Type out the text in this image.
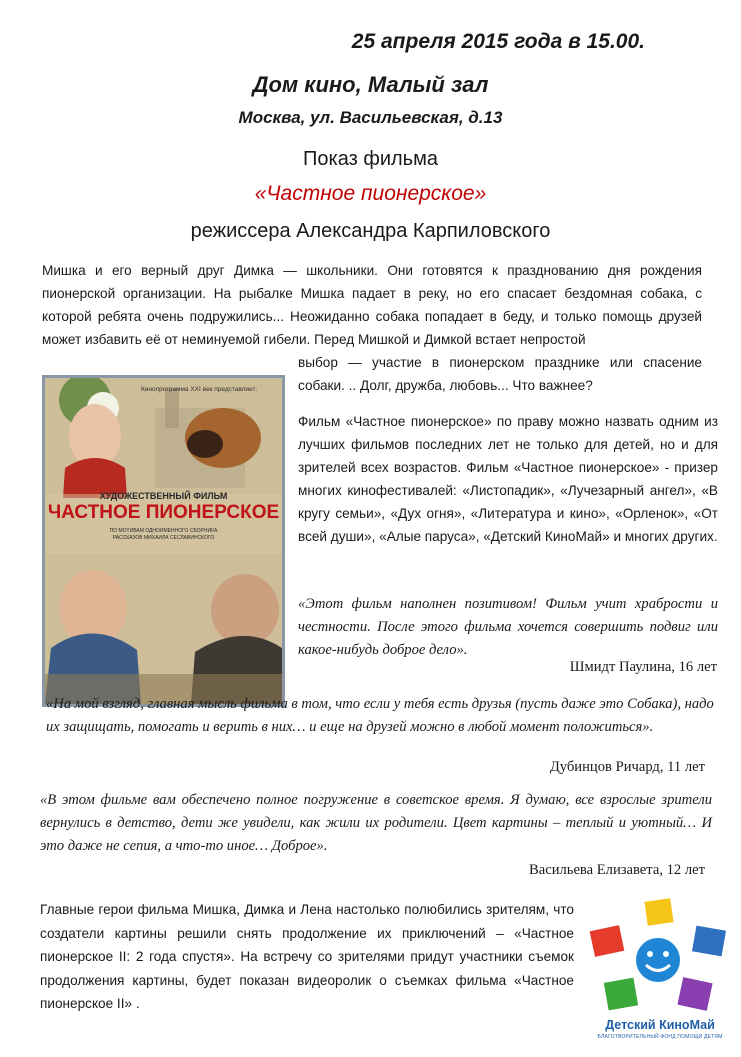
25 апреля 2015 года в 15.00.
Дом кино, Малый зал
Москва, ул. Васильевская, д.13
Показ фильма
«Частное пионерское»
режиссера Александра Карпиловского
Мишка и его верный друг Димка — школьники. Они готовятся к празднованию дня рождения пионерской организации. На рыбалке Мишка падает в реку, но его спасает бездомная собака, с которой ребята очень подружились... Неожиданно собака попадает в беду, и только помощь друзей может избавить её от неминуемой гибели. Перед Мишкой и Димкой встает непростой
выбор — участие в пионерском празднике или спасение собаки. .. Долг, дружба, любовь... Что важнее?
Кинопрограмма XXI век представляет:
ХУДОЖЕСТВЕННЫЙ ФИЛЬМ
ЧАСТНОЕ ПИОНЕРСКОЕ
ПО МОТИВАМ ОДНОИМЕННОГО СБОРНИКА РАССКАЗОВ МИХАИЛА СЕСЛАВИНСКОГО
Фильм «Частное пионерское» по праву можно назвать одним из лучших фильмов последних лет не только для детей, но и для зрителей всех возрастов. Фильм «Частное пионерское» - призер многих кинофестивалей: «Листопадик», «Лучезарный ангел», «В кругу семьи», «Дух огня», «Литература и кино», «Орленок», «От всей души», «Алые паруса», «Детский КиноМай» и многих других.
«Этот фильм наполнен позитивом! Фильм учит храбрости и честности. После этого фильма хочется совершить подвиг или какое-нибудь доброе дело».
Шмидт Паулина, 16 лет
«На мой взгляд, главная мысль фильма в том, что если у тебя есть друзья (пусть даже это Собака), надо их защищать, помогать и верить в них… и еще на друзей можно в любой момент положиться».
Дубинцов Ричард, 11 лет
«В этом фильме вам обеспечено полное погружение в советское время. Я думаю, все взрослые зрители вернулись в детство, дети же увидели, как жили их родители. Цвет картины – теплый и уютный… И это даже не сепия, а что-то иное… Доброе».
Васильева Елизавета, 12 лет
Главные герои фильма Мишка, Димка и Лена настолько полюбились зрителям, что создатели картины решили снять продолжение их приключений – «Частное пионерское II: 2 года спустя». На встречу со зрителями придут участники съемок продолжения картины, будет показан видеоролик о съемках фильма «Частное пионерское II» .
Детский КиноМай
БЛАГОТВОРИТЕЛЬНЫЙ ФОНД ПОМОЩИ ДЕТЯМ
